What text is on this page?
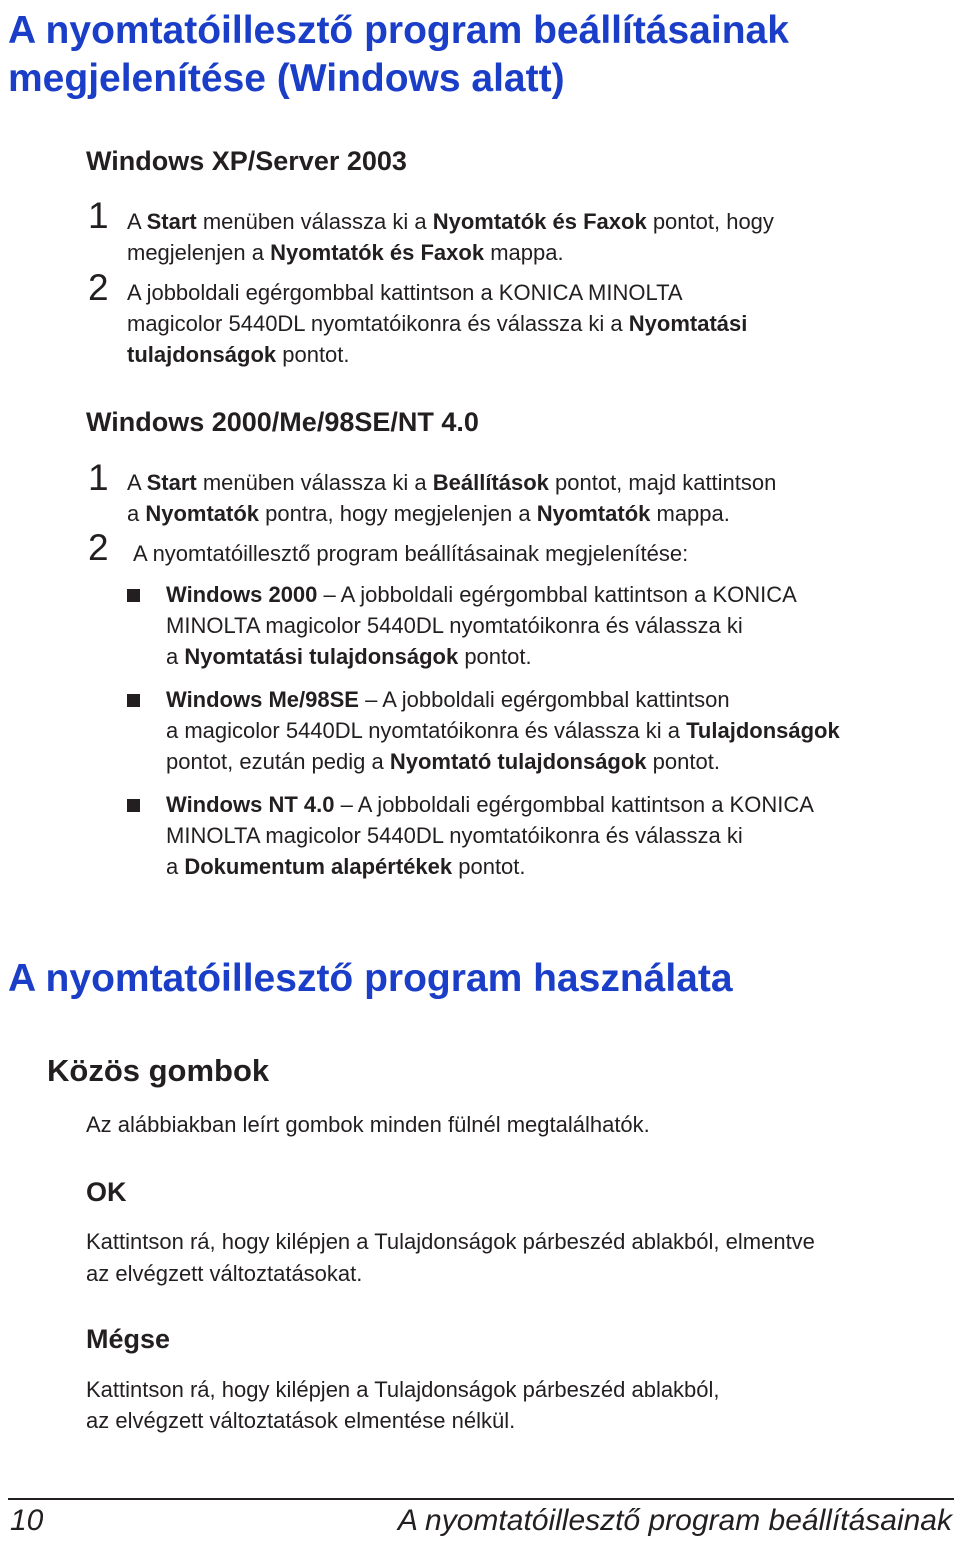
A nyomtatóillesztő program beállításainak
megjelenítése (Windows alatt)
Windows XP/Server 2003
1 A Start menüben válassza ki a Nyomtatók és Faxok pontot, hogy
megjelenjen a Nyomtatók és Faxok mappa.
2 A jobboldali egérgombbal kattintson a KONICA MINOLTA
magicolor 5440DL nyomtatóikonra és válassza ki a Nyomtatási
tulajdonságok pontot.
Windows 2000/Me/98SE/NT 4.0
1 A Start menüben válassza ki a Beállítások pontot, majd kattintson
a Nyomtatók pontra, hogy megjelenjen a Nyomtatók mappa.
2 A nyomtatóillesztő program beállításainak megjelenítése:
Windows 2000 – A jobboldali egérgombbal kattintson a KONICA
MINOLTA magicolor 5440DL nyomtatóikonra és válassza ki
a Nyomtatási tulajdonságok pontot.
Windows Me/98SE – A jobboldali egérgombbal kattintson
a magicolor 5440DL nyomtatóikonra és válassza ki a Tulajdonságok
pontot, ezután pedig a Nyomtató tulajdonságok pontot.
Windows NT 4.0 – A jobboldali egérgombbal kattintson a KONICA
MINOLTA magicolor 5440DL nyomtatóikonra és válassza ki
a Dokumentum alapértékek pontot.
A nyomtatóillesztő program használata
Közös gombok
Az alábbiakban leírt gombok minden fülnél megtalálhatók.
OK
Kattintson rá, hogy kilépjen a Tulajdonságok párbeszéd ablakból, elmentve
az elvégzett változtatásokat.
Mégse
Kattintson rá, hogy kilépjen a Tulajdonságok párbeszéd ablakból,
az elvégzett változtatások elmentése nélkül.
10	A nyomtatóillesztő program beállításainak
